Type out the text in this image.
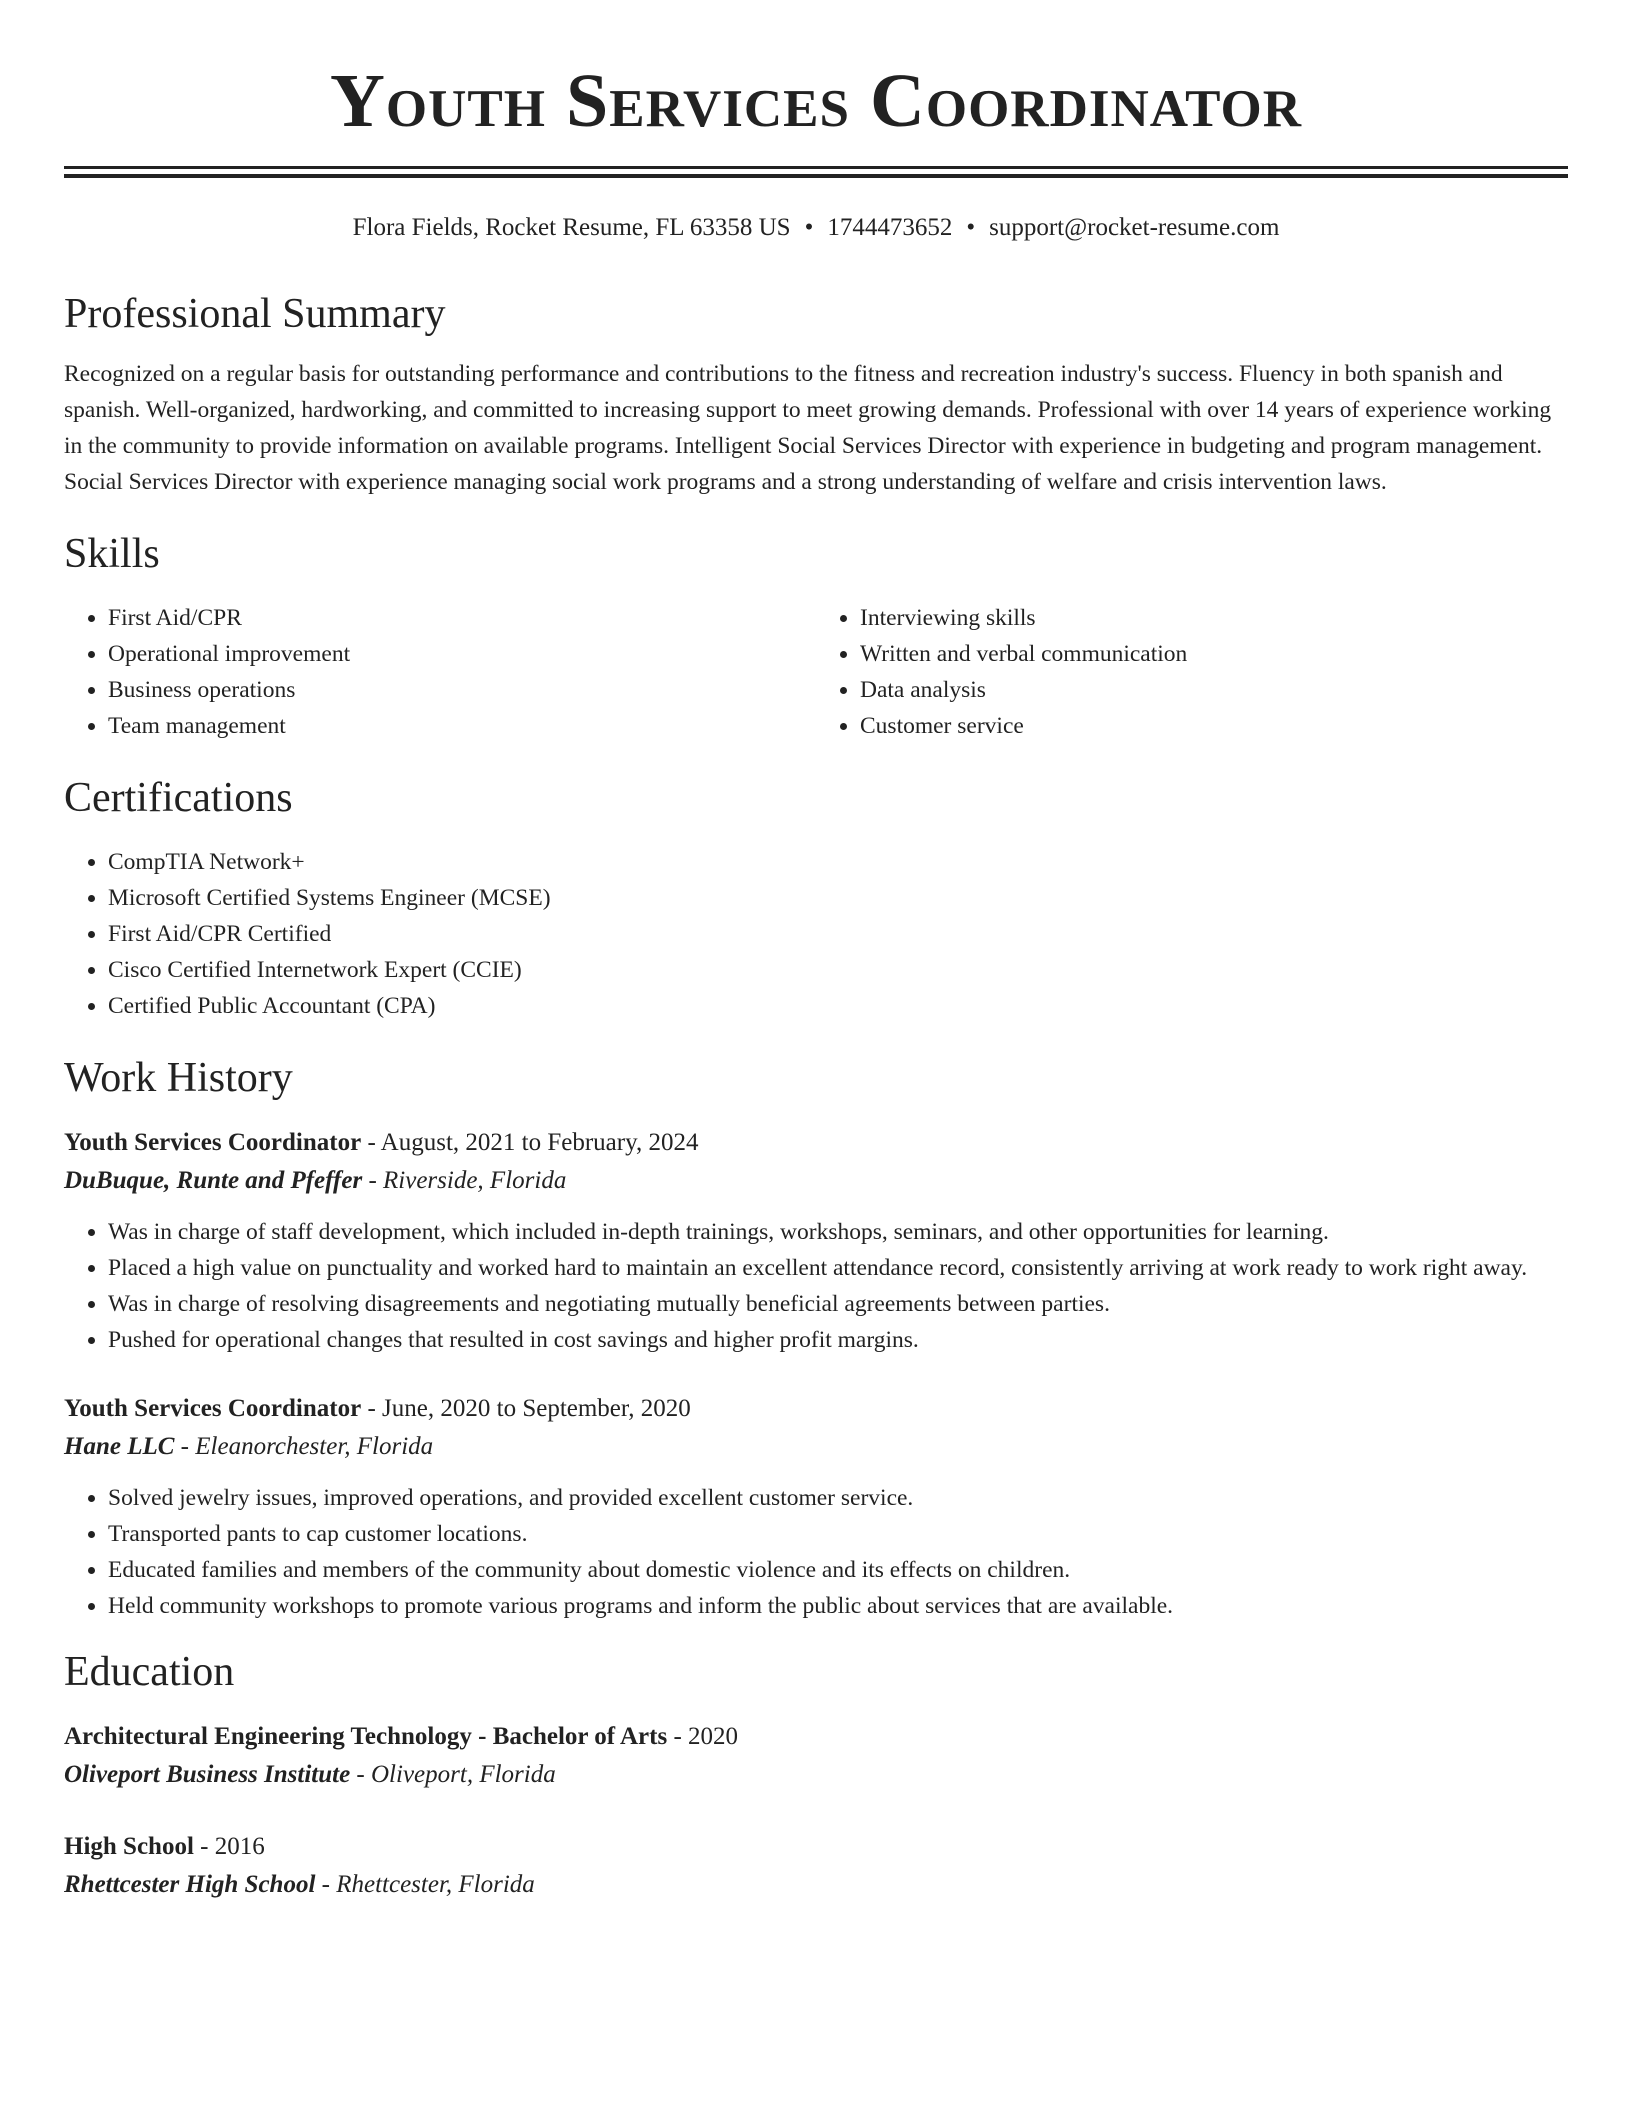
Youth Services Coordinator
Flora Fields, Rocket Resume, FL 63358 US • 1744473652 • support@rocket-resume.com
Professional Summary

Recognized on a regular basis for outstanding performance and contributions to the fitness and recreation industry's success. Fluency in both spanish and spanish. Well-organized, hardworking, and committed to increasing support to meet growing demands. Professional with over 14 years of experience working in the community to provide information on available programs. Intelligent Social Services Director with experience in budgeting and program management. Social Services Director with experience managing social work programs and a strong understanding of welfare and crisis intervention laws.

Skills
• First Aid/CPR
• Operational improvement
• Business operations
• Team management
• Interviewing skills
• Written and verbal communication
• Data analysis
• Customer service
Certifications
• CompTIA Network+
• Microsoft Certified Systems Engineer (MCSE)
• First Aid/CPR Certified
• Cisco Certified Internetwork Expert (CCIE)
• Certified Public Accountant (CPA)
Work History
Youth Services Coordinator - August, 2021 to February, 2024
DuBuque, Runte and Pfeffer - Riverside, Florida
• Was in charge of staff development, which included in-depth trainings, workshops, seminars, and other opportunities for learning.
• Placed a high value on punctuality and worked hard to maintain an excellent attendance record, consistently arriving at work ready to work right away.
• Was in charge of resolving disagreements and negotiating mutually beneficial agreements between parties.
• Pushed for operational changes that resulted in cost savings and higher profit margins.
Youth Services Coordinator - June, 2020 to September, 2020
Hane LLC - Eleanorchester, Florida
• Solved jewelry issues, improved operations, and provided excellent customer service.
• Transported pants to cap customer locations.
• Educated families and members of the community about domestic violence and its effects on children.
• Held community workshops to promote various programs and inform the public about services that are available.
Education
Architectural Engineering Technology - Bachelor of Arts - 2020
Oliveport Business Institute - Oliveport, Florida
High School - 2016
Rhettcester High School - Rhettcester, Florida
